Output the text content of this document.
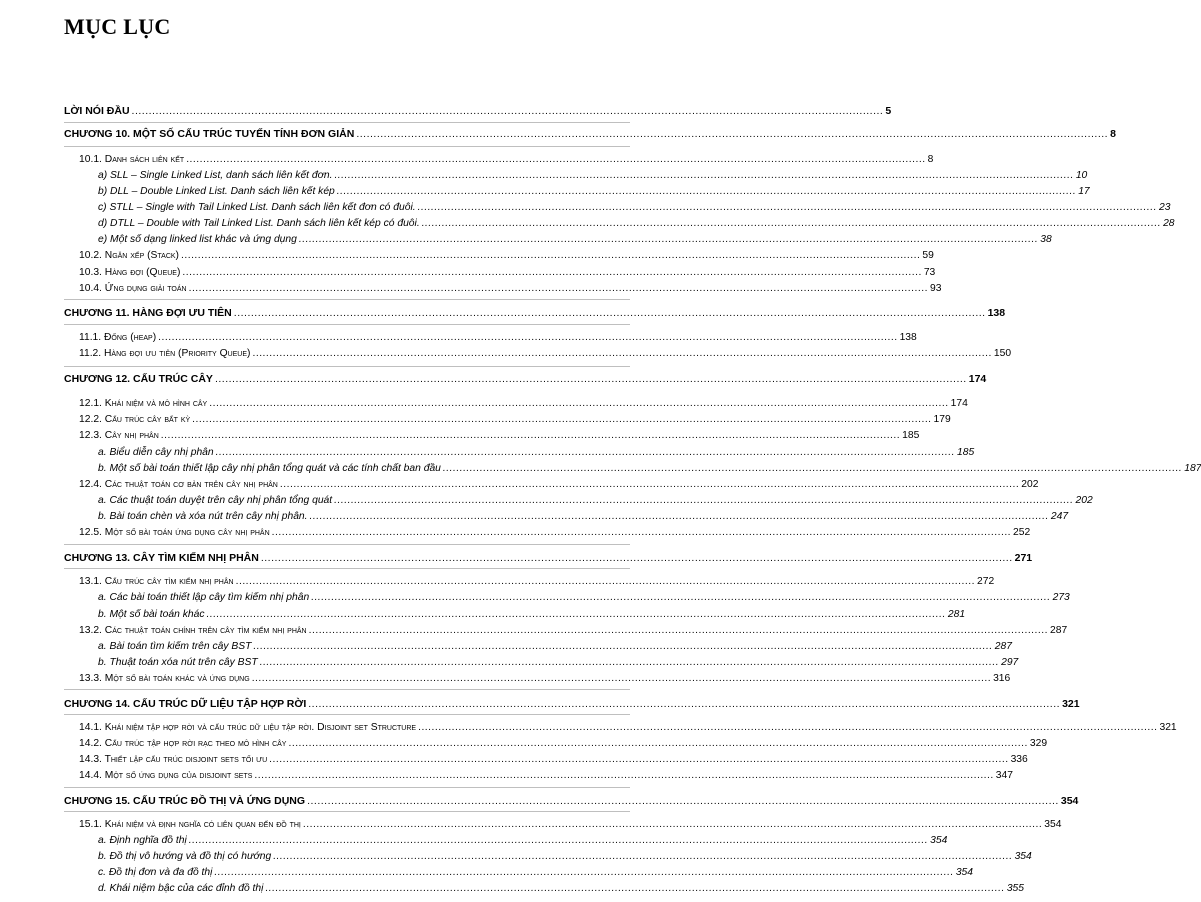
MỤC LỤC
LỜI NÓI ĐẦU ............................................................................................................................................................................................................................ 5
CHƯƠNG 10. MỘT SỐ CẤU TRÚC TUYẾN TÍNH ĐƠN GIẢN ............................................................................................................................................................................................................................ 8
10.1. Danh sách liên kết ............................................................................................................................................................................................................................ 8
a) SLL – Single Linked List, danh sách liên kết đơn. ............................................................................................................................................................................................................................ 10
b) DLL – Double Linked List. Danh sách liên kết kép ............................................................................................................................................................................................................................ 17
c) STLL – Single with Tail Linked List. Danh sách liên kết đơn có đuôi. ............................................................................................................................................................................................................................ 23
d) DTLL – Double with Tail Linked List. Danh sách liên kết kép có đuôi. ............................................................................................................................................................................................................................ 28
e) Một số dạng linked list khác và ứng dụng ............................................................................................................................................................................................................................ 38
10.2. Ngăn xếp (Stack) ............................................................................................................................................................................................................................ 59
10.3. Hàng đợi (Queue) ............................................................................................................................................................................................................................ 73
10.4. Ứng dụng giải toán ............................................................................................................................................................................................................................ 93
CHƯƠNG 11. HÀNG ĐỢI ƯU TIÊN ............................................................................................................................................................................................................................ 138
11.1. Đống (heap) ............................................................................................................................................................................................................................ 138
11.2. Hàng đợi ưu tiên (Priority Queue) ............................................................................................................................................................................................................................ 150
CHƯƠNG 12. CẤU TRÚC CÂY ............................................................................................................................................................................................................................ 174
12.1. Khái niệm và mô hình cây ............................................................................................................................................................................................................................ 174
12.2. Cấu trúc cây bất kỳ ............................................................................................................................................................................................................................ 179
12.3. Cây nhị phân ............................................................................................................................................................................................................................ 185
a. Biểu diễn cây nhị phân ............................................................................................................................................................................................................................ 185
b. Một số bài toán thiết lập cây nhị phân tổng quát và các tính chất ban đầu ............................................................................................................................................................................................................................ 187
12.4. Các thuật toán cơ bản trên cây nhị phân ............................................................................................................................................................................................................................ 202
a. Các thuật toán duyệt trên cây nhị phân tổng quát ............................................................................................................................................................................................................................ 202
b. Bài toán chèn và xóa nút trên cây nhị phân. ............................................................................................................................................................................................................................ 247
12.5. Một số bài toán ứng dụng cây nhị phân ............................................................................................................................................................................................................................ 252
CHƯƠNG 13. CÂY TÌM KIẾM NHỊ PHÂN ............................................................................................................................................................................................................................ 271
13.1. Cấu trúc cây tìm kiếm nhị phân ............................................................................................................................................................................................................................ 272
a. Các bài toán thiết lập cây tìm kiếm nhị phân ............................................................................................................................................................................................................................ 273
b. Một số bài toán khác ............................................................................................................................................................................................................................ 281
13.2. Các thuật toán chính trên cây tìm kiếm nhị phân ............................................................................................................................................................................................................................ 287
a. Bài toán tìm kiếm trên cây BST ............................................................................................................................................................................................................................ 287
b. Thuật toán xóa nút trên cây BST ............................................................................................................................................................................................................................ 297
13.3. Một số bài toán khác và ứng dụng ............................................................................................................................................................................................................................ 316
CHƯƠNG 14. CẤU TRÚC DỮ LIỆU TẬP HỢP RỜI ............................................................................................................................................................................................................................ 321
14.1. Khái niệm tập hợp rời và cấu trúc dữ liệu tập rời. Disjoint set Structure ............................................................................................................................................................................................................................ 321
14.2. Cấu trúc tập hợp rời rạc theo mô hình cây ............................................................................................................................................................................................................................ 329
14.3. Thiết lập cấu trúc disjoint sets tối ưu ............................................................................................................................................................................................................................ 336
14.4. Một số ứng dụng của disjoint sets ............................................................................................................................................................................................................................ 347
CHƯƠNG 15. CẤU TRÚC ĐỒ THỊ VÀ ỨNG DỤNG ............................................................................................................................................................................................................................ 354
15.1. Khái niệm và định nghĩa có liên quan đến đồ thị ............................................................................................................................................................................................................................ 354
a. Định nghĩa đồ thị ............................................................................................................................................................................................................................ 354
b. Đồ thị vô hướng và đồ thị có hướng ............................................................................................................................................................................................................................ 354
c. Đồ thị đơn và đa đồ thị ............................................................................................................................................................................................................................ 354
d. Khái niệm bậc của các đỉnh đồ thị ............................................................................................................................................................................................................................ 355
